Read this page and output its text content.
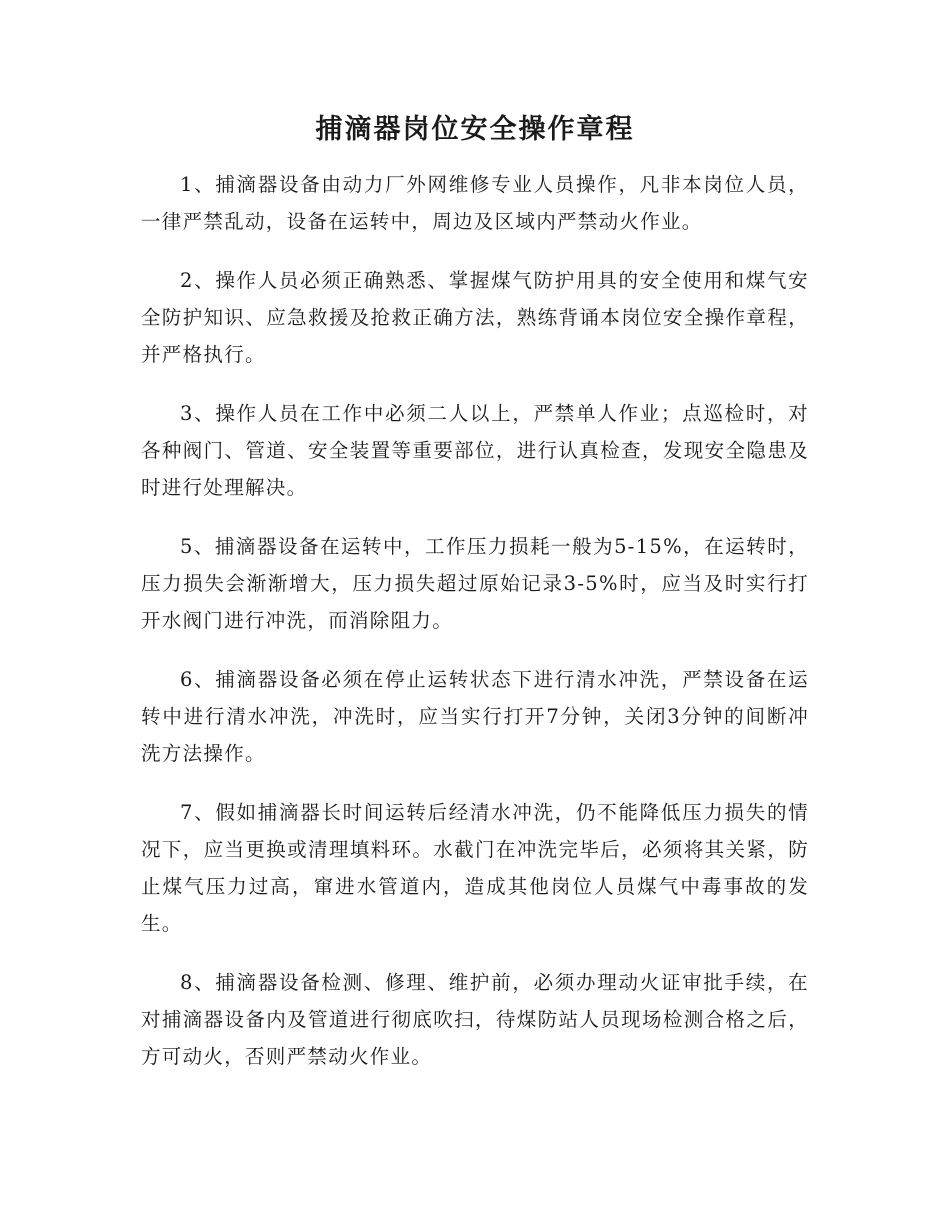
捕滴器岗位安全操作章程

1、捕滴器设备由动力厂外网维修专业人员操作，凡非本岗位人员，一律严禁乱动，设备在运转中，周边及区域内严禁动火作业。

2、操作人员必须正确熟悉、掌握煤气防护用具的安全使用和煤气安全防护知识、应急救援及抢救正确方法，熟练背诵本岗位安全操作章程，并严格执行。

3、操作人员在工作中必须二人以上，严禁单人作业；点巡检时，对各种阀门、管道、安全装置等重要部位，进行认真检查，发现安全隐患及时进行处理解决。

5、捕滴器设备在运转中，工作压力损耗一般为5-15%，在运转时，压力损失会渐渐增大，压力损失超过原始记录3-5%时，应当及时实行打开水阀门进行冲洗，而消除阻力。

6、捕滴器设备必须在停止运转状态下进行清水冲洗，严禁设备在运转中进行清水冲洗，冲洗时，应当实行打开7分钟，关闭3分钟的间断冲洗方法操作。

7、假如捕滴器长时间运转后经清水冲洗，仍不能降低压力损失的情况下，应当更换或清理填料环。水截门在冲洗完毕后，必须将其关紧，防止煤气压力过高，窜进水管道内，造成其他岗位人员煤气中毒事故的发生。

8、捕滴器设备检测、修理、维护前，必须办理动火证审批手续，在对捕滴器设备内及管道进行彻底吹扫，待煤防站人员现场检测合格之后，方可动火，否则严禁动火作业。
